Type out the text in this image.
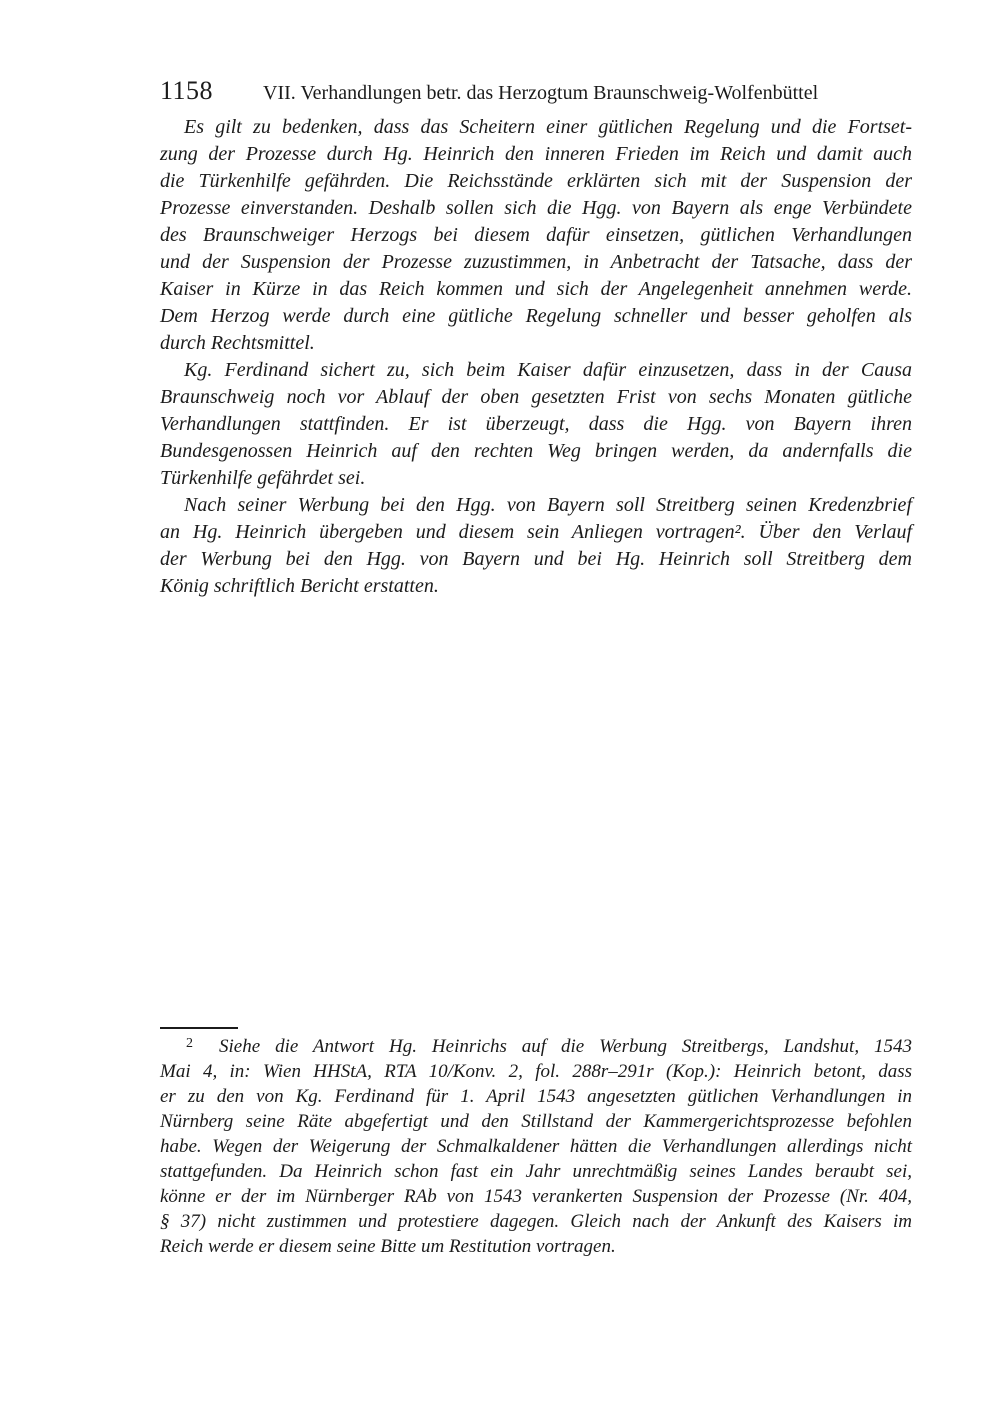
1158	VII. Verhandlungen betr. das Herzogtum Braunschweig-Wolfenbüttel
Es gilt zu bedenken, dass das Scheitern einer gütlichen Regelung und die Fortset-
zung der Prozesse durch Hg. Heinrich den inneren Frieden im Reich und damit auch
die Türkenhilfe gefährden. Die Reichsstände erklärten sich mit der Suspension der
Prozesse einverstanden. Deshalb sollen sich die Hgg. von Bayern als enge Verbündete
des Braunschweiger Herzogs bei diesem dafür einsetzen, gütlichen Verhandlungen
und der Suspension der Prozesse zuzustimmen, in Anbetracht der Tatsache, dass der
Kaiser in Kürze in das Reich kommen und sich der Angelegenheit annehmen werde.
Dem Herzog werde durch eine gütliche Regelung schneller und besser geholfen als
durch Rechtsmittel.
Kg. Ferdinand sichert zu, sich beim Kaiser dafür einzusetzen, dass in der Causa
Braunschweig noch vor Ablauf der oben gesetzten Frist von sechs Monaten gütliche
Verhandlungen stattfinden. Er ist überzeugt, dass die Hgg. von Bayern ihren
Bundesgenossen Heinrich auf den rechten Weg bringen werden, da andernfalls die
Türkenhilfe gefährdet sei.
Nach seiner Werbung bei den Hgg. von Bayern soll Streitberg seinen Kredenzbrief
an Hg. Heinrich übergeben und diesem sein Anliegen vortragen². Über den Verlauf
der Werbung bei den Hgg. von Bayern und bei Hg. Heinrich soll Streitberg dem
König schriftlich Bericht erstatten.
$^2$ Siehe die Antwort Hg. Heinrichs auf die Werbung Streitbergs, Landshut, 1543
Mai 4, in: Wien HHStA, RTA 10/Konv. 2, fol. 288r–291r (Kop.): Heinrich betont, dass
er zu den von Kg. Ferdinand für 1. April 1543 angesetzten gütlichen Verhandlungen in
Nürnberg seine Räte abgefertigt und den Stillstand der Kammergerichtsprozesse befohlen
habe. Wegen der Weigerung der Schmalkaldener hätten die Verhandlungen allerdings nicht
stattgefunden. Da Heinrich schon fast ein Jahr unrechtmäßig seines Landes beraubt sei,
könne er der im Nürnberger RAb von 1543 verankerten Suspension der Prozesse (Nr. 404,
§ 37) nicht zustimmen und protestiere dagegen. Gleich nach der Ankunft des Kaisers im
Reich werde er diesem seine Bitte um Restitution vortragen.
